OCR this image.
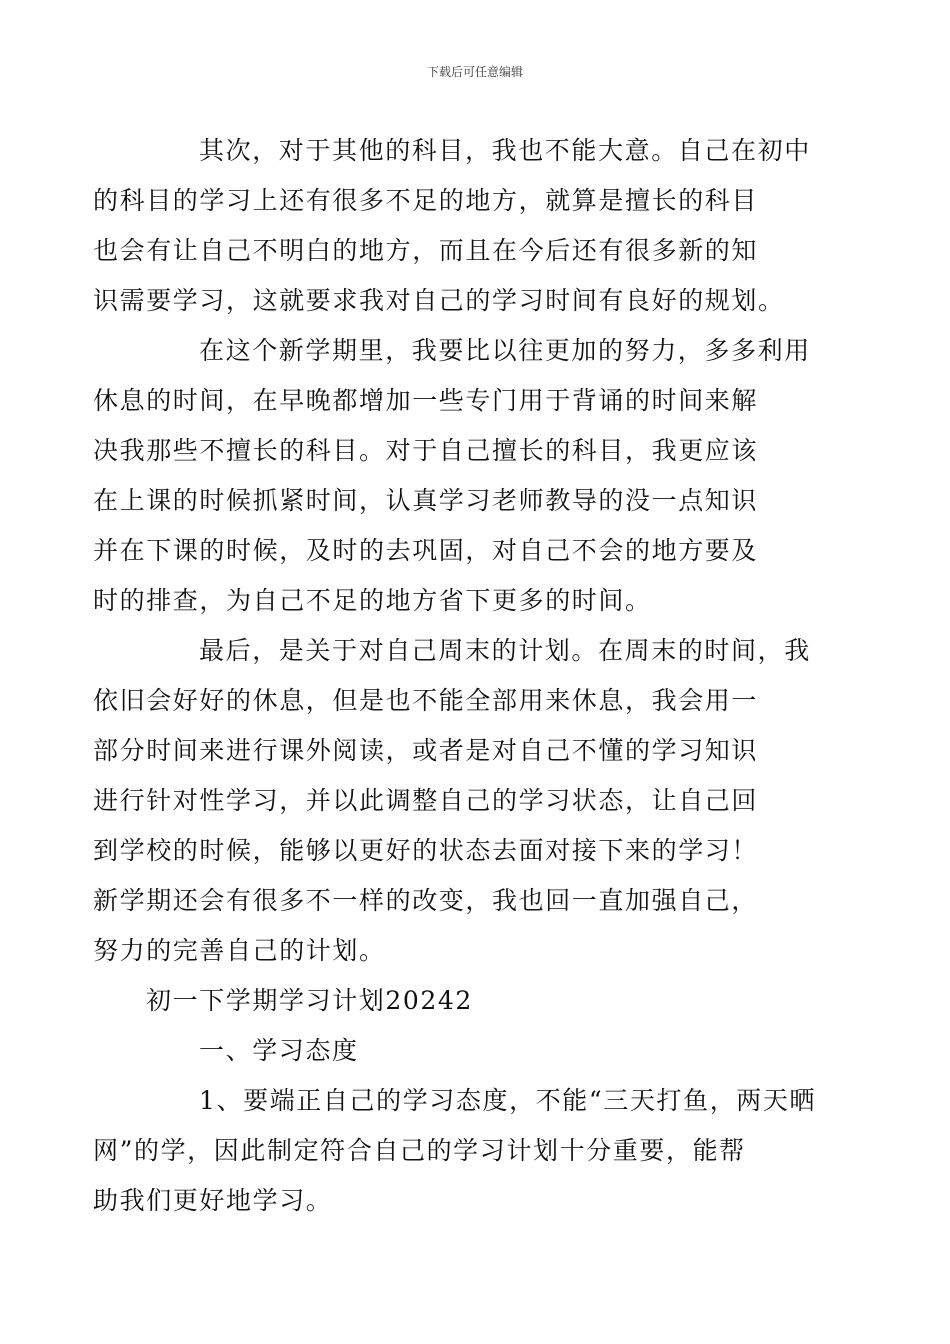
下载后可任意编辑

其次，对于其他的科目，我也不能大意。自己在初中
的科目的学习上还有很多不足的地方，就算是擅长的科目
也会有让自己不明白的地方，而且在今后还有很多新的知
识需要学习，这就要求我对自己的学习时间有良好的规划。

在这个新学期里，我要比以往更加的努力，多多利用
休息的时间，在早晚都增加一些专门用于背诵的时间来解
决我那些不擅长的科目。对于自己擅长的科目，我更应该
在上课的时候抓紧时间，认真学习老师教导的没一点知识
并在下课的时候，及时的去巩固，对自己不会的地方要及
时的排查，为自己不足的地方省下更多的时间。

最后，是关于对自己周末的计划。在周末的时间，我
依旧会好好的休息，但是也不能全部用来休息，我会用一
部分时间来进行课外阅读，或者是对自己不懂的学习知识
进行针对性学习，并以此调整自己的学习状态，让自己回
到学校的时候，能够以更好的状态去面对接下来的学习！
新学期还会有很多不一样的改变，我也回一直加强自己，
努力的完善自己的计划。

初一下学期学习计划20242

一、学习态度

1、要端正自己的学习态度，不能“三天打鱼，两天晒
网”的学，因此制定符合自己的学习计划十分重要，能帮
助我们更好地学习。
